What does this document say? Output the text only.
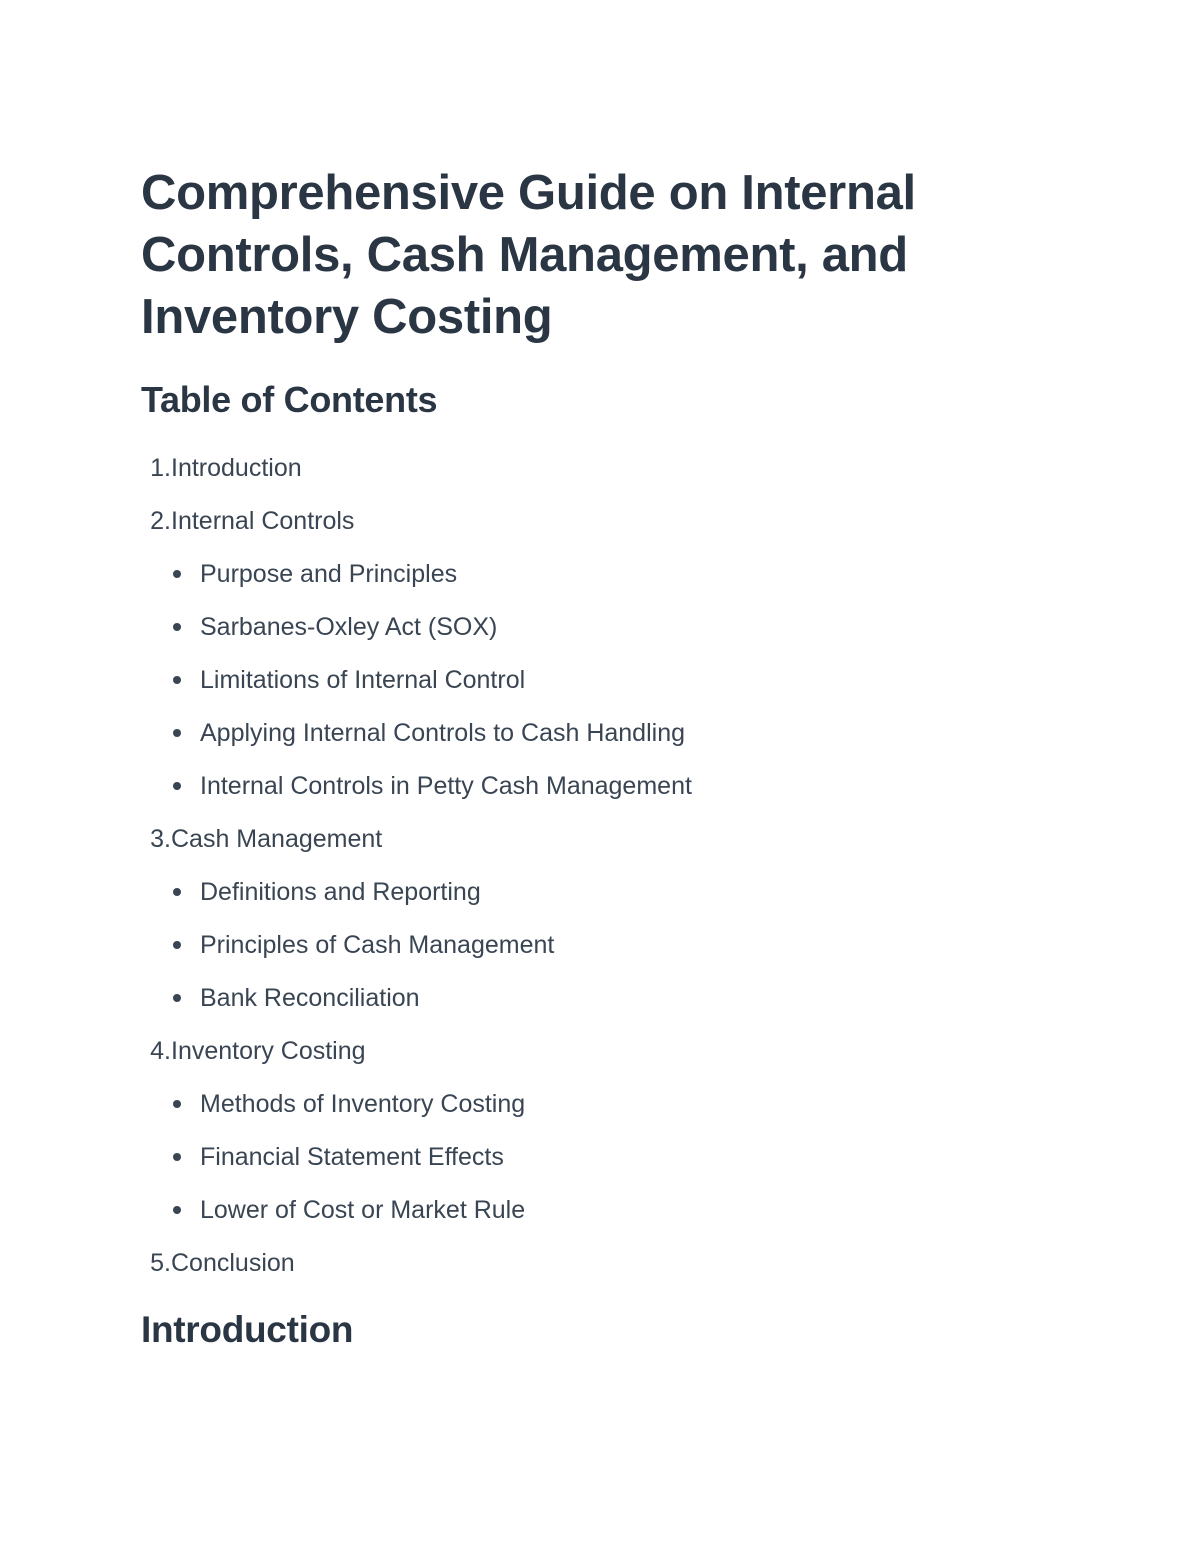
Comprehensive Guide on Internal Controls, Cash Management, and Inventory Costing
Table of Contents
1.Introduction
2.Internal Controls
Purpose and Principles
Sarbanes-Oxley Act (SOX)
Limitations of Internal Control
Applying Internal Controls to Cash Handling
Internal Controls in Petty Cash Management
3.Cash Management
Definitions and Reporting
Principles of Cash Management
Bank Reconciliation
4.Inventory Costing
Methods of Inventory Costing
Financial Statement Effects
Lower of Cost or Market Rule
5.Conclusion
Introduction
